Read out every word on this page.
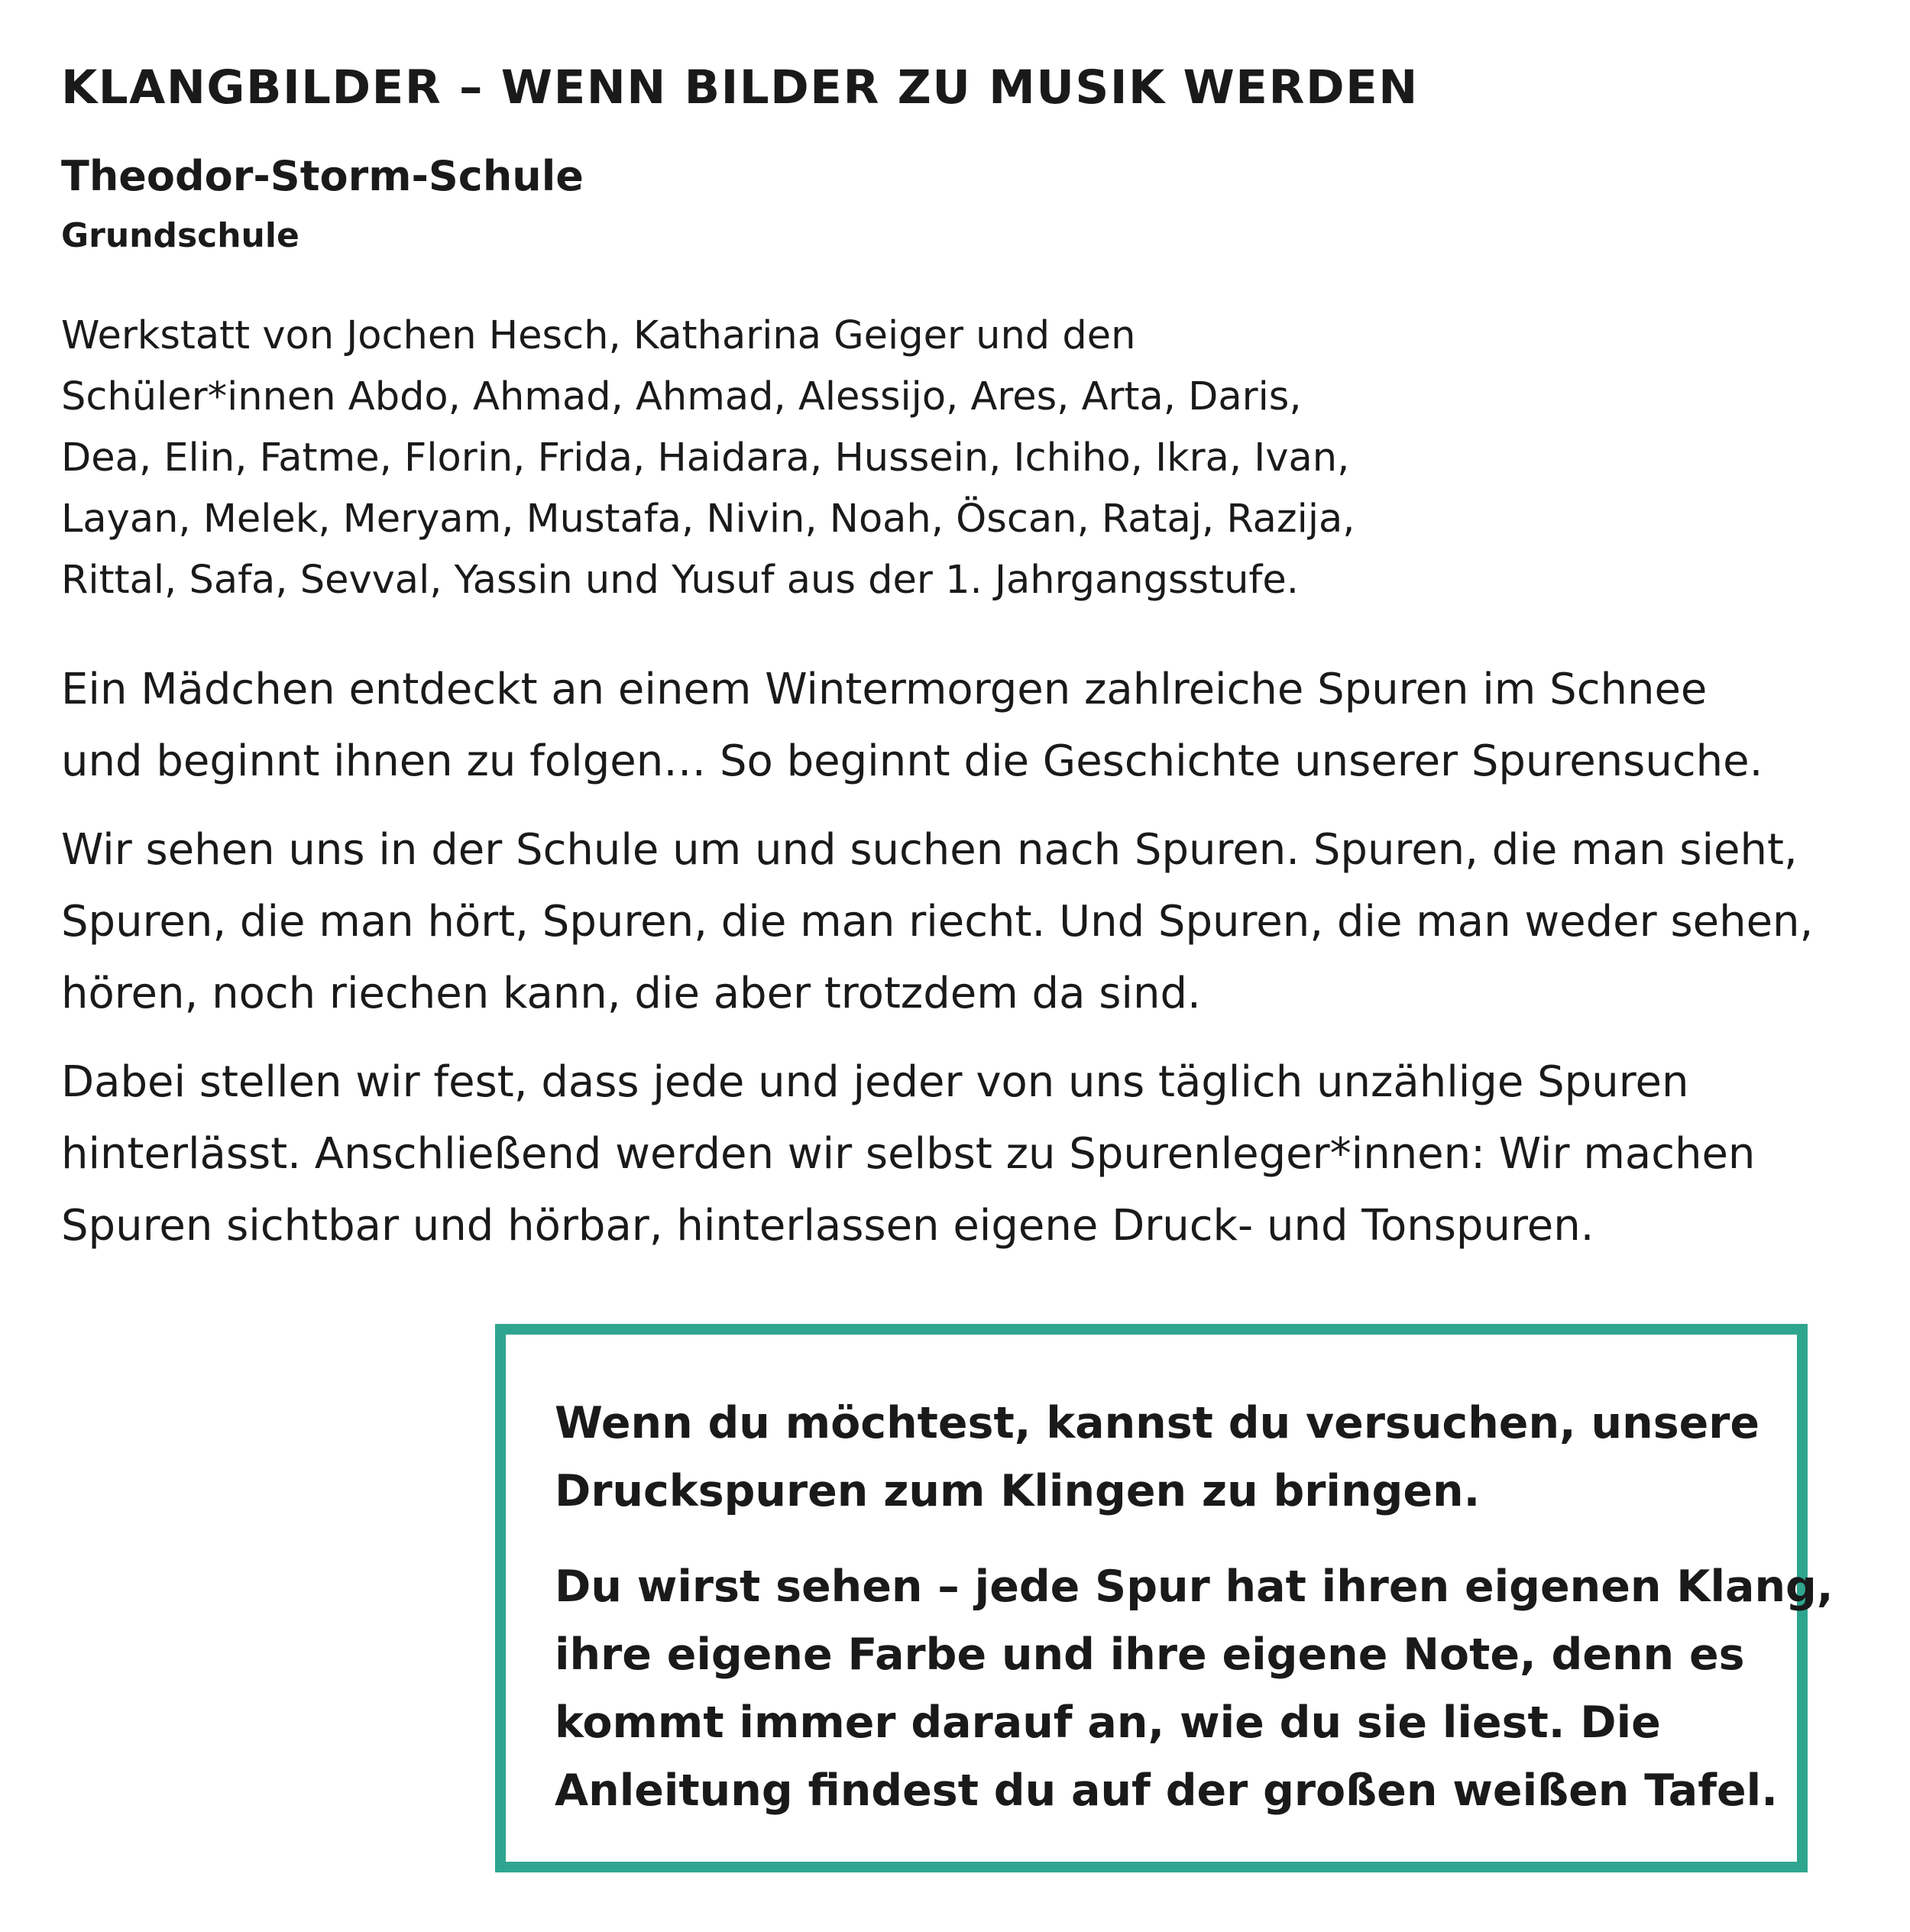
KLANGBILDER – WENN BILDER ZU MUSIK WERDEN
Theodor-Storm-Schule
Grundschule
Werkstatt von Jochen Hesch, Katharina Geiger und den
Schüler*innen Abdo, Ahmad, Ahmad, Alessijo, Ares, Arta, Daris,
Dea, Elin, Fatme, Florin, Frida, Haidara, Hussein, Ichiho, Ikra, Ivan,
Layan, Melek, Meryam, Mustafa, Nivin, Noah, Öscan, Rataj, Razija,
Rittal, Safa, Sevval, Yassin und Yusuf aus der 1. Jahrgangsstufe.

Ein Mädchen entdeckt an einem Wintermorgen zahlreiche Spuren im Schnee
und beginnt ihnen zu folgen… So beginnt die Geschichte unserer Spurensuche.

Wir sehen uns in der Schule um und suchen nach Spuren. Spuren, die man sieht,
Spuren, die man hört, Spuren, die man riecht. Und Spuren, die man weder sehen,
hören, noch riechen kann, die aber trotzdem da sind.

Dabei stellen wir fest, dass jede und jeder von uns täglich unzählige Spuren
hinterlässt. Anschließend werden wir selbst zu Spurenleger*innen: Wir machen
Spuren sichtbar und hörbar, hinterlassen eigene Druck- und Tonspuren.

Wenn du möchtest, kannst du versuchen, unsere
Druckspuren zum Klingen zu bringen.

Du wirst sehen – jede Spur hat ihren eigenen Klang,
ihre eigene Farbe und ihre eigene Note, denn es
kommt immer darauf an, wie du sie liest. Die
Anleitung findest du auf der großen weißen Tafel.
